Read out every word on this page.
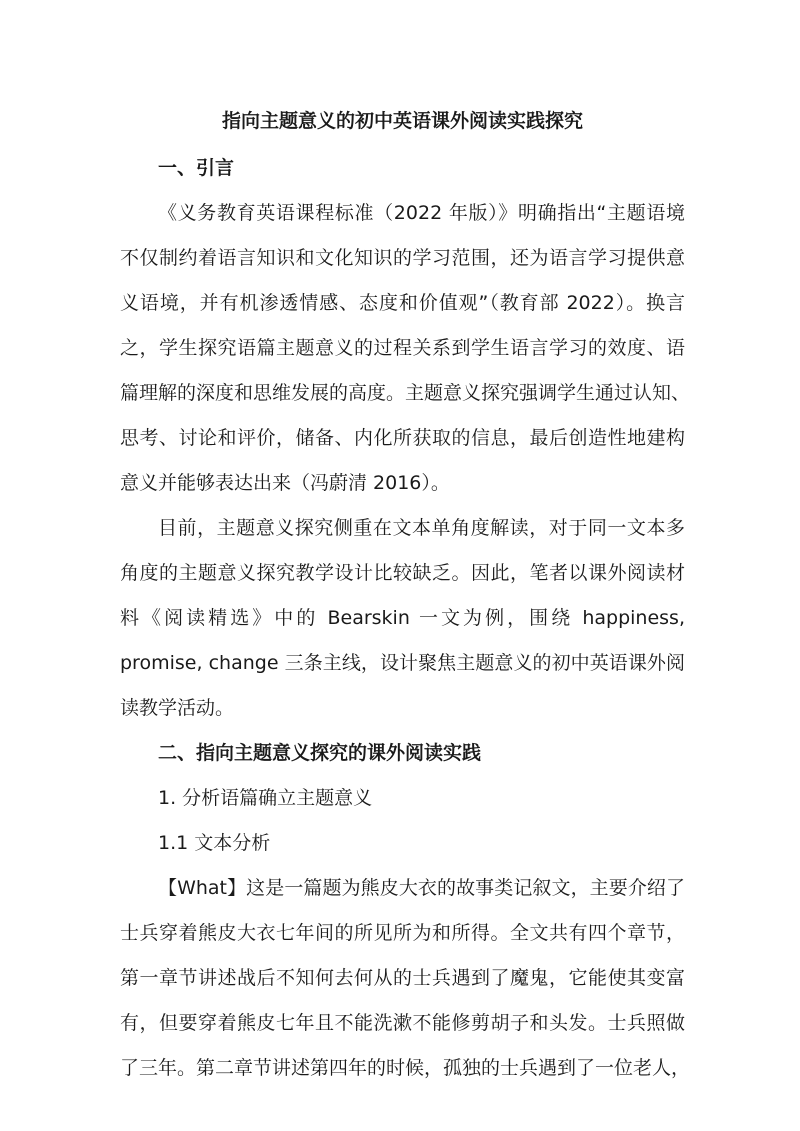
指向主题意义的初中英语课外阅读实践探究
一、引言
《义务教育英语课程标准（2022 年版）》明确指出“主题语境
不仅制约着语言知识和文化知识的学习范围，还为语言学习提供意
义语境，并有机渗透情感、态度和价值观”（教育部 2022）。换言
之，学生探究语篇主题意义的过程关系到学生语言学习的效度、语
篇理解的深度和思维发展的高度。主题意义探究强调学生通过认知、
思考、讨论和评价，储备、内化所获取的信息，最后创造性地建构
意义并能够表达出来（冯蔚清 2016）。
目前，主题意义探究侧重在文本单角度解读，对于同一文本多
角度的主题意义探究教学设计比较缺乏。因此，笔者以课外阅读材
料《阅读精选》中的 Bearskin 一文为例，围绕 happiness,
promise, change 三条主线，设计聚焦主题意义的初中英语课外阅
读教学活动。
二、指向主题意义探究的课外阅读实践
1. 分析语篇确立主题意义
1.1 文本分析
【What】这是一篇题为熊皮大衣的故事类记叙文，主要介绍了
士兵穿着熊皮大衣七年间的所见所为和所得。全文共有四个章节，
第一章节讲述战后不知何去何从的士兵遇到了魔鬼，它能使其变富
有，但要穿着熊皮七年且不能洗漱不能修剪胡子和头发。士兵照做
了三年。第二章节讲述第四年的时候，孤独的士兵遇到了一位老人，
